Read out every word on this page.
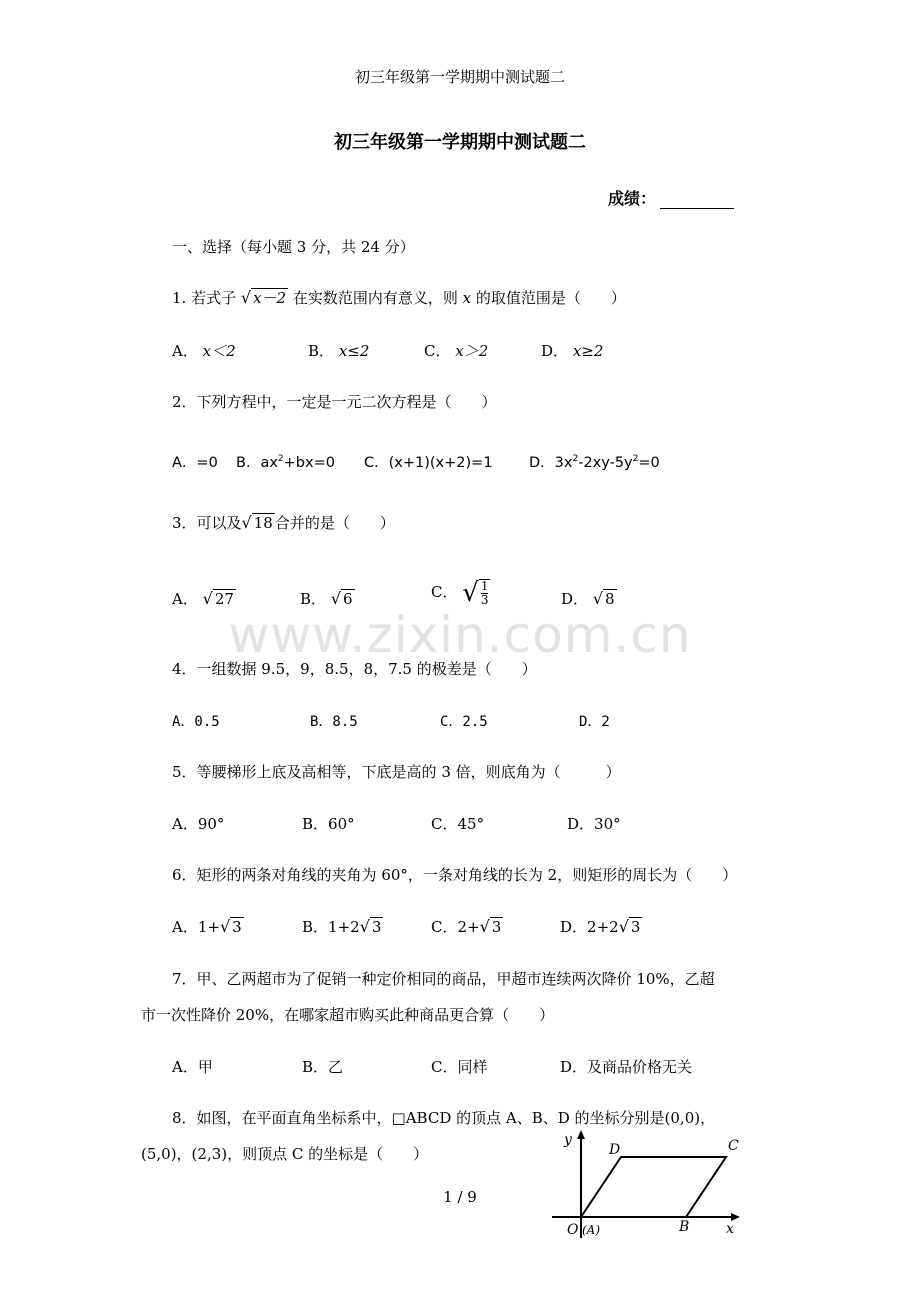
初三年级第一学期期中测试题二
初三年级第一学期期中测试题二
成绩：
一、选择（每小题 3 分，共 24 分）
1. 若式子 √ x－2 在实数范围内有意义，则 x 的取值范围是（　　）
A． x＜2	B． x≤2	C． x＞2	D． x≥2
2．下列方程中，一定是一元二次方程是（　　）
A．=0 B．$ax^2+bx=0$ C．(x+1)(x+2)=1	D．$3x^2-2xy-5y^2=0$
3．可以及√ 18 合并的是（　　）
A． √ 27	B． √ 6	C． √ $\frac{1}{3}$	D． √ 8
www.zixin.com.cn
4．一组数据 9.5，9，8.5，8，7.5 的极差是（　　）
A．0.5	B．8.5	C．2.5	D．2
5．等腰梯形上底及高相等，下底是高的 3 倍，则底角为（　　　）
A．90°	B．60°	C．45°	D．30°
6．矩形的两条对角线的夹角为 60°，一条对角线的长为 2，则矩形的周长为（　　）
A．1+√ 3	B．1+2√ 3	C．2+√ 3	D．2+2√ 3
7．甲、乙两超市为了促销一种定价相同的商品，甲超市连续两次降价 10%，乙超
市一次性降价 20%，在哪家超市购买此种商品更合算（　　）
A．甲	B．乙	C．同样	D．及商品价格无关
8．如图，在平面直角坐标系中，□ABCD 的顶点 A、B、D 的坐标分别是(0,0)，
(5,0)，(2,3)，则顶点 C 的坐标是（　　）
y
x
D	C
O (A)	B
1 / 9
